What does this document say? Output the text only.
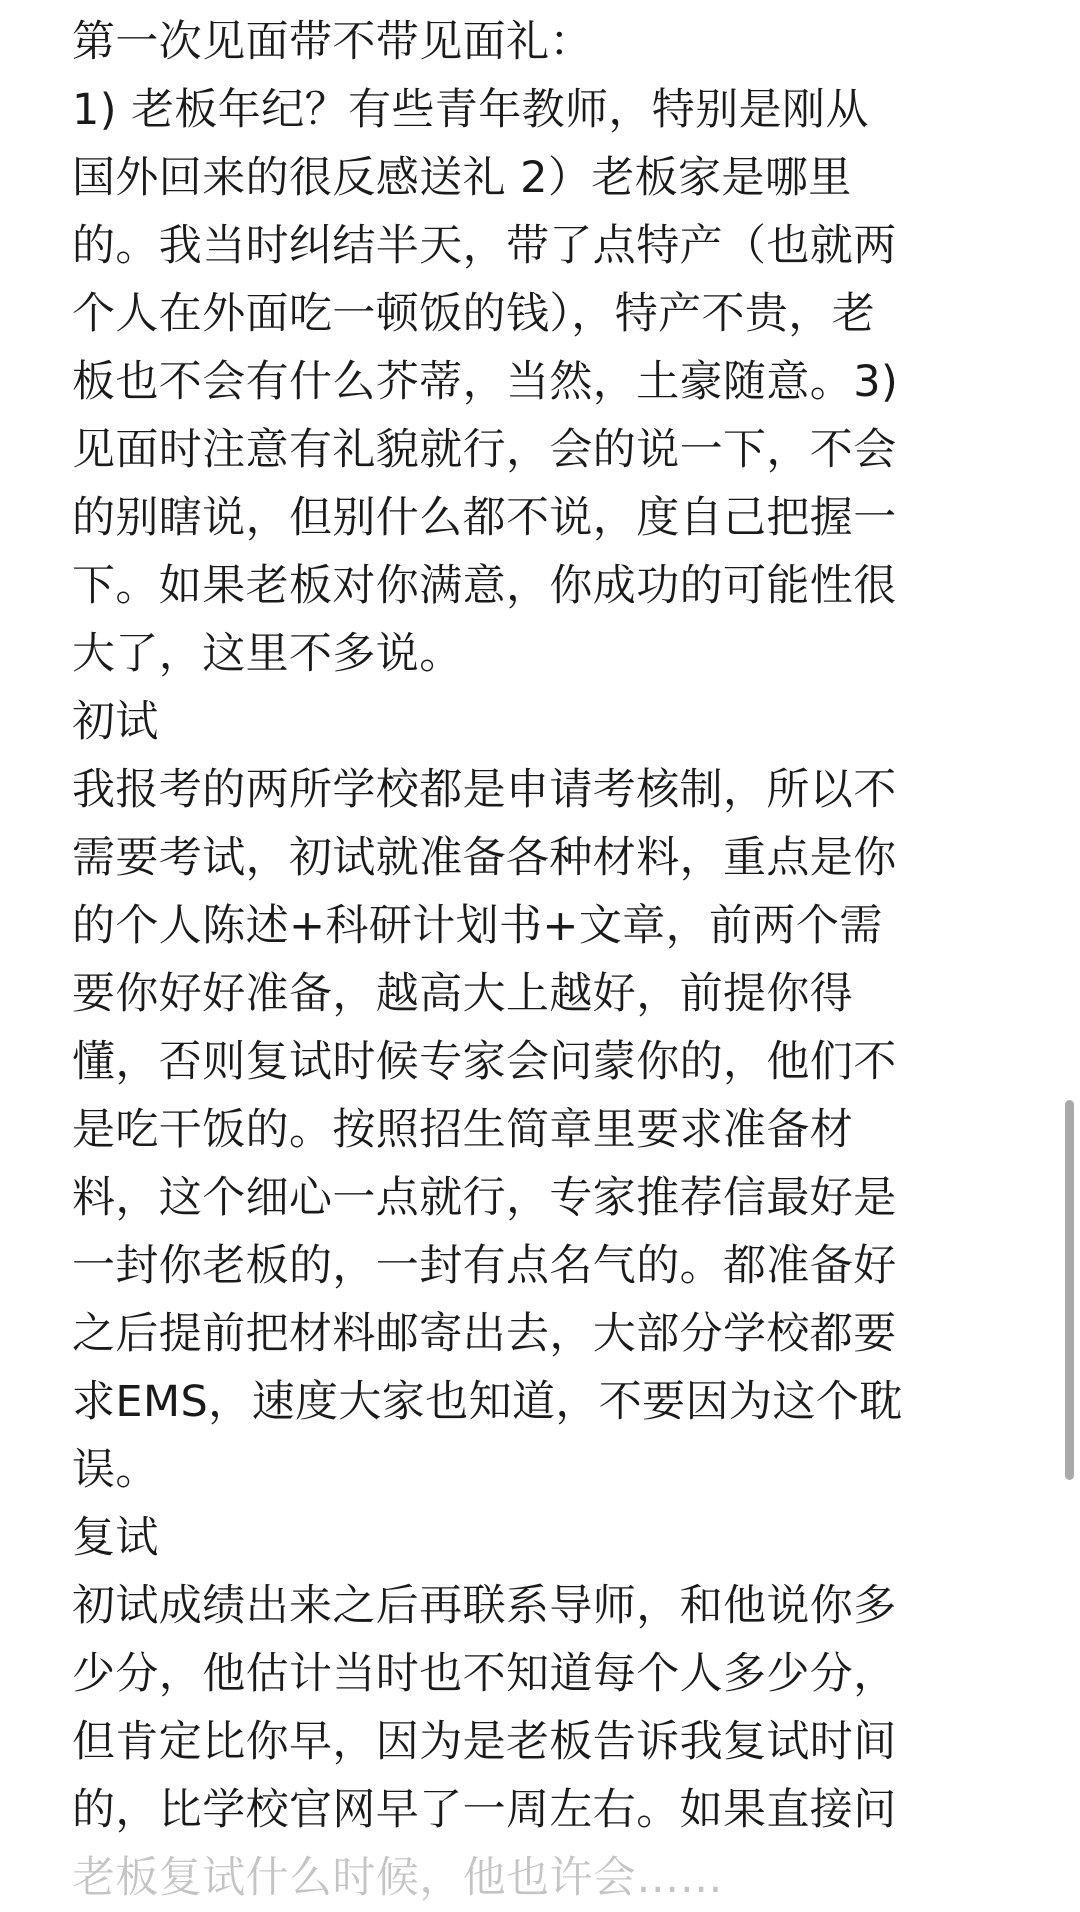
第一次见面带不带见面礼：
1) 老板年纪？有些青年教师，特别是刚从
国外回来的很反感送礼 2）老板家是哪里
的。我当时纠结半天，带了点特产（也就两
个人在外面吃一顿饭的钱），特产不贵，老
板也不会有什么芥蒂，当然，土豪随意。3)
见面时注意有礼貌就行，会的说一下，不会
的别瞎说，但别什么都不说，度自己把握一
下。如果老板对你满意，你成功的可能性很
大了，这里不多说。
初试
我报考的两所学校都是申请考核制，所以不
需要考试，初试就准备各种材料，重点是你
的个人陈述+科研计划书+文章，前两个需
要你好好准备，越高大上越好，前提你得
懂，否则复试时候专家会问蒙你的，他们不
是吃干饭的。按照招生简章里要求准备材
料，这个细心一点就行，专家推荐信最好是
一封你老板的，一封有点名气的。都准备好
之后提前把材料邮寄出去，大部分学校都要
求EMS，速度大家也知道，不要因为这个耽
误。
复试
初试成绩出来之后再联系导师，和他说你多
少分，他估计当时也不知道每个人多少分，
但肯定比你早，因为是老板告诉我复试时间
的，比学校官网早了一周左右。如果直接问
老板复试什么时候，他也许会……
